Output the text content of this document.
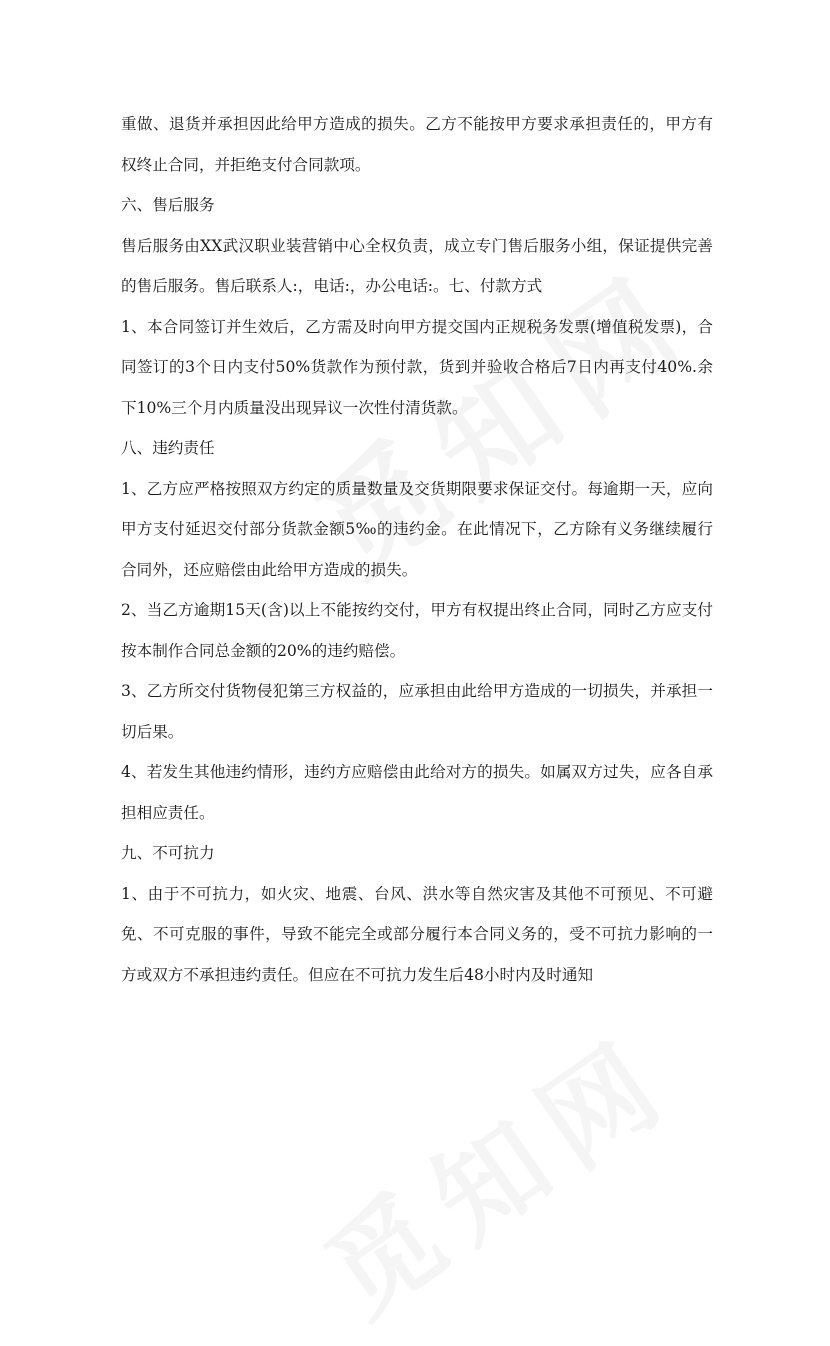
重做、退货并承担因此给甲方造成的损失。乙方不能按甲方要求承担责任的，甲方有权终止合同，并拒绝支付合同款项。

六、售后服务

售后服务由XX武汉职业装营销中心全权负责，成立专门售后服务小组，保证提供完善的售后服务。售后联系人:，电话:，办公电话:。七、付款方式

1、本合同签订并生效后，乙方需及时向甲方提交国内正规税务发票(增值税发票)，合同签订的3个日内支付50%货款作为预付款，货到并验收合格后7日内再支付40%.余下10%三个月内质量没出现异议一次性付清货款。

八、违约责任

1、乙方应严格按照双方约定的质量数量及交货期限要求保证交付。每逾期一天，应向甲方支付延迟交付部分货款金额5‰的违约金。在此情况下，乙方除有义务继续履行合同外，还应赔偿由此给甲方造成的损失。

2、当乙方逾期15天(含)以上不能按约交付，甲方有权提出终止合同，同时乙方应支付按本制作合同总金额的20%的违约赔偿。

3、乙方所交付货物侵犯第三方权益的，应承担由此给甲方造成的一切损失，并承担一切后果。

4、若发生其他违约情形，违约方应赔偿由此给对方的损失。如属双方过失，应各自承担相应责任。

九、不可抗力

1、由于不可抗力，如火灾、地震、台风、洪水等自然灾害及其他不可预见、不可避免、不可克服的事件，导致不能完全或部分履行本合同义务的，受不可抗力影响的一方或双方不承担违约责任。但应在不可抗力发生后48小时内及时通知
